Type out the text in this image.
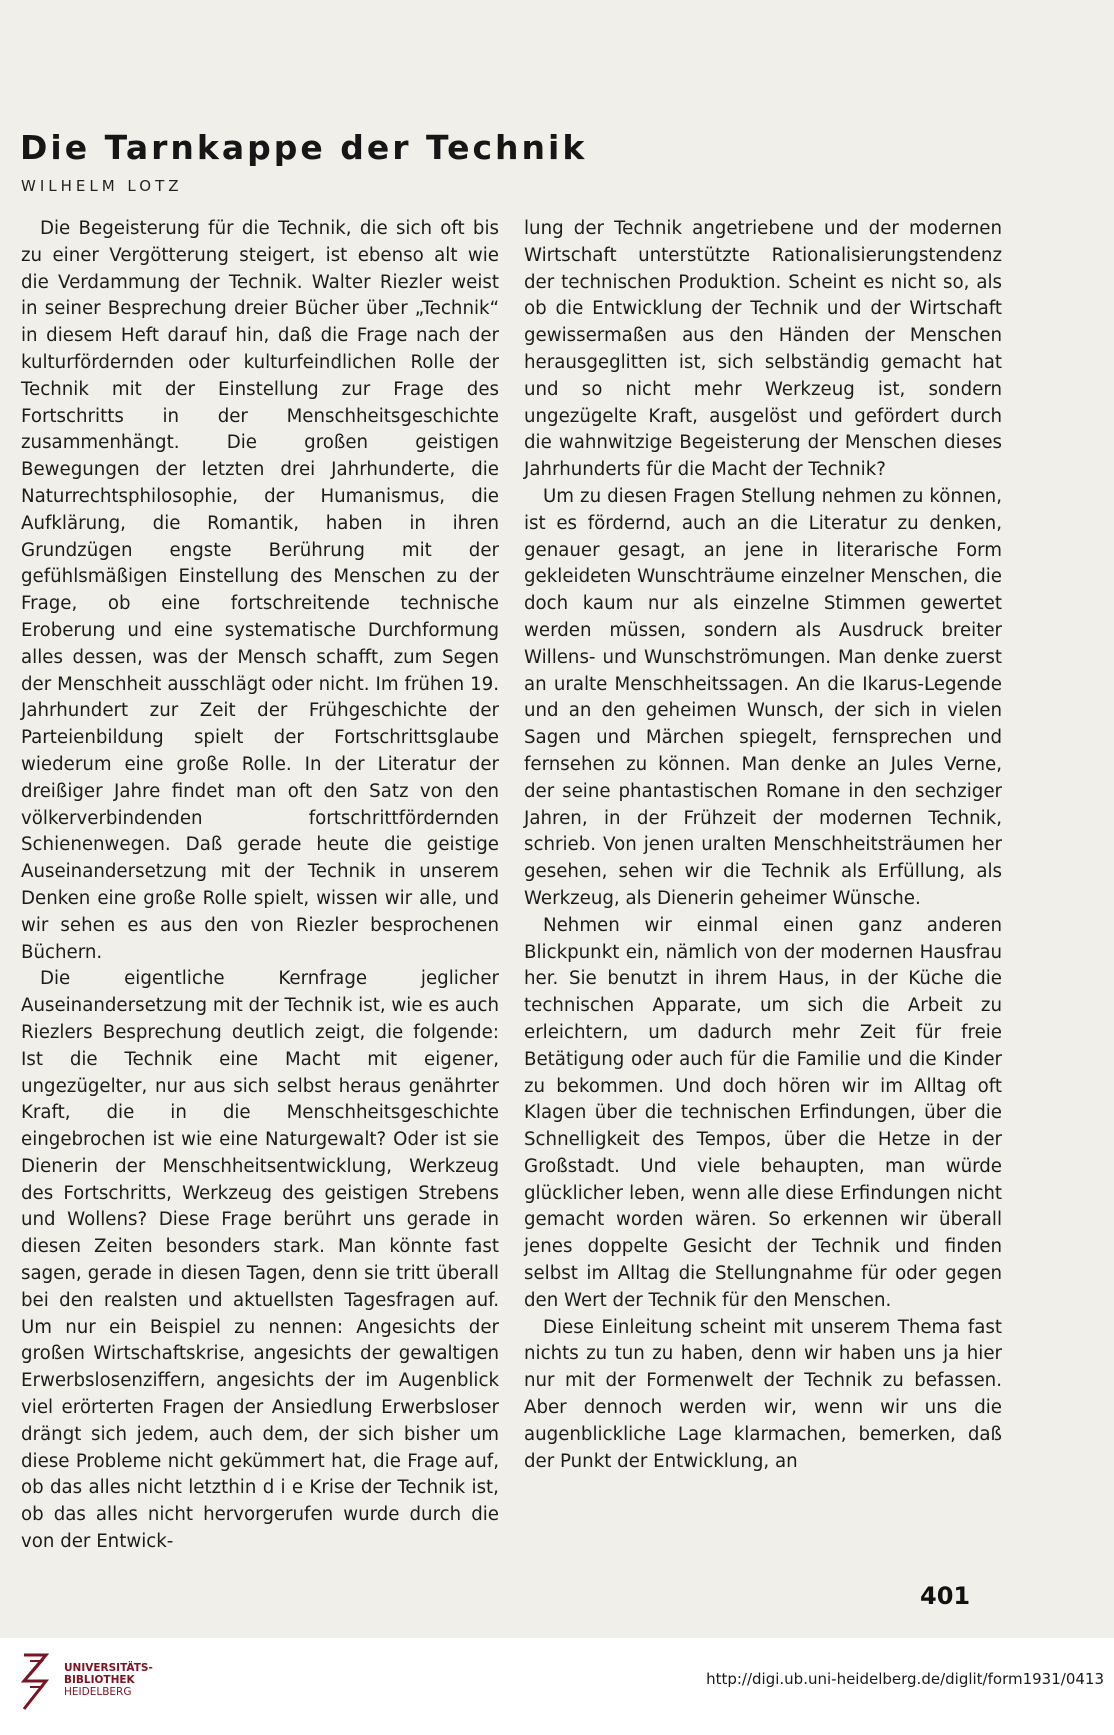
Die Tarnkappe der Technik
WILHELM LOTZ

Die Begeisterung für die Technik, die sich oft bis zu einer Vergötterung steigert, ist ebenso alt wie die Verdammung der Technik. Walter Riezler weist in seiner Besprechung dreier Bücher über „Technik“ in diesem Heft darauf hin, daß die Frage nach der kulturfördernden oder kulturfeindlichen Rolle der Technik mit der Einstellung zur Frage des Fortschritts in der Menschheitsgeschichte zusammenhängt. Die großen geistigen Bewegungen der letzten drei Jahrhunderte, die Naturrechtsphilosophie, der Humanismus, die Aufklärung, die Romantik, haben in ihren Grundzügen engste Berührung mit der gefühlsmäßigen Einstellung des Menschen zu der Frage, ob eine fortschreitende technische Eroberung und eine systematische Durchformung alles dessen, was der Mensch schafft, zum Segen der Menschheit ausschlägt oder nicht. Im frühen 19. Jahrhundert zur Zeit der Frühgeschichte der Parteienbildung spielt der Fortschrittsglaube wiederum eine große Rolle. In der Literatur der dreißiger Jahre findet man oft den Satz von den völkerverbindenden fortschrittfördernden Schienenwegen. Daß gerade heute die geistige Auseinandersetzung mit der Technik in unserem Denken eine große Rolle spielt, wissen wir alle, und wir sehen es aus den von Riezler besprochenen Büchern.

Die eigentliche Kernfrage jeglicher Auseinandersetzung mit der Technik ist, wie es auch Riezlers Besprechung deutlich zeigt, die folgende: Ist die Technik eine Macht mit eigener, ungezügelter, nur aus sich selbst heraus genährter Kraft, die in die Menschheitsgeschichte eingebrochen ist wie eine Naturgewalt? Oder ist sie Dienerin der Menschheitsentwicklung, Werkzeug des Fortschritts, Werkzeug des geistigen Strebens und Wollens? Diese Frage berührt uns gerade in diesen Zeiten besonders stark. Man könnte fast sagen, gerade in diesen Tagen, denn sie tritt überall bei den realsten und aktuellsten Tagesfragen auf. Um nur ein Beispiel zu nennen: Angesichts der großen Wirtschaftskrise, angesichts der gewaltigen Erwerbslosenziffern, angesichts der im Augenblick viel erörterten Fragen der Ansiedlung Erwerbsloser drängt sich jedem, auch dem, der sich bisher um diese Probleme nicht gekümmert hat, die Frage auf, ob das alles nicht letzthin d i e Krise der Technik ist, ob das alles nicht hervorgerufen wurde durch die von der Entwick-

lung der Technik angetriebene und der modernen Wirtschaft unterstützte Rationalisierungstendenz der technischen Produktion. Scheint es nicht so, als ob die Entwicklung der Technik und der Wirtschaft gewissermaßen aus den Händen der Menschen herausgeglitten ist, sich selbständig gemacht hat und so nicht mehr Werkzeug ist, sondern ungezügelte Kraft, ausgelöst und gefördert durch die wahnwitzige Begeisterung der Menschen dieses Jahrhunderts für die Macht der Technik?

Um zu diesen Fragen Stellung nehmen zu können, ist es fördernd, auch an die Literatur zu denken, genauer gesagt, an jene in literarische Form gekleideten Wunschträume einzelner Menschen, die doch kaum nur als einzelne Stimmen gewertet werden müssen, sondern als Ausdruck breiter Willens- und Wunschströmungen. Man denke zuerst an uralte Menschheitssagen. An die Ikarus-Legende und an den geheimen Wunsch, der sich in vielen Sagen und Märchen spiegelt, fernsprechen und fernsehen zu können. Man denke an Jules Verne, der seine phantastischen Romane in den sechziger Jahren, in der Frühzeit der modernen Technik, schrieb. Von jenen uralten Menschheitsträumen her gesehen, sehen wir die Technik als Erfüllung, als Werkzeug, als Dienerin geheimer Wünsche.

Nehmen wir einmal einen ganz anderen Blickpunkt ein, nämlich von der modernen Hausfrau her. Sie benutzt in ihrem Haus, in der Küche die technischen Apparate, um sich die Arbeit zu erleichtern, um dadurch mehr Zeit für freie Betätigung oder auch für die Familie und die Kinder zu bekommen. Und doch hören wir im Alltag oft Klagen über die technischen Erfindungen, über die Schnelligkeit des Tempos, über die Hetze in der Großstadt. Und viele behaupten, man würde glücklicher leben, wenn alle diese Erfindungen nicht gemacht worden wären. So erkennen wir überall jenes doppelte Gesicht der Technik und finden selbst im Alltag die Stellungnahme für oder gegen den Wert der Technik für den Menschen.

Diese Einleitung scheint mit unserem Thema fast nichts zu tun zu haben, denn wir haben uns ja hier nur mit der Formenwelt der Technik zu befassen. Aber dennoch werden wir, wenn wir uns die augenblickliche Lage klarmachen, bemerken, daß der Punkt der Entwicklung, an

401
UNIVERSITÄTS-
BIBLIOTHEK
HEIDELBERG
http://digi.ub.uni-heidelberg.de/diglit/form1931/0413
